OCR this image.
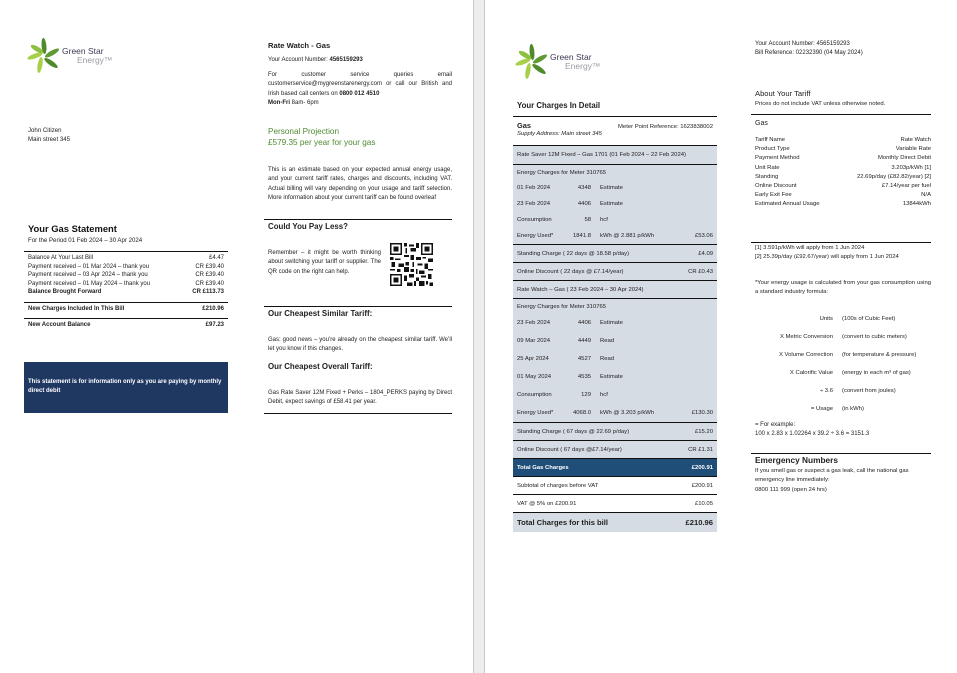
Green Star
Energy™
John Citizen
Main street 345
Your Gas Statement
For the Period 01 Feb 2024 – 30 Apr 2024
Balance At Your Last Bill	£4.47
Payment received – 01 Mar 2024 – thank you	CR £39.40
Payment received – 03 Apr 2024 – thank you	CR £39.40
Payment received – 01 May 2024 – thank you	CR £39.40
Balance Brought Forward	CR £113.73
New Charges Included In This Bill	£210.96
New Account Balance	£97.23
This statement is for information only as you are paying by monthly direct debit
Rate Watch - Gas
Your Account Number: 4565159293
For customer service queries email customerservice@mygreenstarenergy.com or call our British and Irish based call centers on 0800 012 4510
Mon-Fri 8am- 6pm
Personal Projection
£579.35 per year for your gas
This is an estimate based on your expected annual energy usage, and your current tariff rates, charges and discounts, including VAT. Actual billing will vary depending on your usage and tariff selection. More information about your current tariff can be found overleaf
Could You Pay Less?
Remember – it might be worth thinking about switching your tariff or supplier. The QR code on the right can help.
Our Cheapest Similar Tariff:
Gas: good news – you’re already on the cheapest similar tariff. We’ll let you know if this changes.
Our Cheapest Overall Tariff:
Gas Rate Saver 12M Fixed + Perks – 1804_PERKS paying by Direct Debit, expect savings of £58.41 per year.
Green Star
Energy™
Your Charges In Detail
Gas	Meter Point Reference: 1623838002
Supply Address: Main street 345
Rate Saver 12M Fixed – Gas 1701 (01 Feb 2024 – 22 Feb 2024)
Energy Charges for Meter 310765
01 Feb 2024	4348	Estimate
23 Feb 2024	4406	Estimate
Consumption	58	hcf
Energy Used*	1841.8	kWh @ 2.881 p/kWh	£53.06
Standing Charge ( 22 days @ 18.58 p/day)	£4.09
Online Discount ( 22 days @ £7.14/year)	CR £0.43
Rate Watch – Gas ( 23 Feb 2024 – 30 Apr 2024)
Energy Charges for Meter 310765
23 Feb 2024	4406	Estimate
09 Mar 2024	4449	Read
25 Apr 2024	4527	Read
01 May 2024	4535	Estimate
Consumption	129	hcf
Energy Used*	4068.0	kWh @ 3.203 p/kWh	£130.30
Standing Charge ( 67 days @ 22.69 p/day)	£15.20
Online Discount ( 67 days @£7.14/year)	CR £1.31
Total Gas Charges	£200.91
Subtotal of charges before VAT	£200.91
VAT @ 5% on £200.91	£10.05
Total Charges for this bill	£210.96
Your Account Number: 4565159293
Bill Reference: 02232390 (04 May 2024)
About Your Tariff
Prices do not include VAT unless otherwise noted.
Gas
Tariff Name	Rate Watch
Product Type	Variable Rate
Payment Method	Monthly Direct Debit
Unit Rate	3.203p/kWh [1]
Standing	22.69p/day (£82.82/year) [2]
Online Discount	£7.14/year per fuel
Early Exit Fee	N/A
Estimated Annual Usage	13844kWh
[1] 3.591p/kWh will apply from 1 Jun 2024
[2] 25.39p/day (£92.67/year) will apply from 1 Jun 2024
*Your energy usage is calculated from your gas consumption using a standard industry formula:
Units	(100s of Cubic Feet)
X Metric Conversion	(convert to cubic meters)
X Volume Correction	(for temperature & pressure)
X Calorific Value	(energy in each m³ of gas)
÷ 3.6	(convert from joules)
= Usage	(in kWh)
= For example:
100 x 2.83 x 1.02264 x 39.2 ÷ 3.6 = 3151.3
Emergency Numbers
If you smell gas or suspect a gas leak, call the national gas emergency line immediately:
0800 111 999 (open 24 hrs)
